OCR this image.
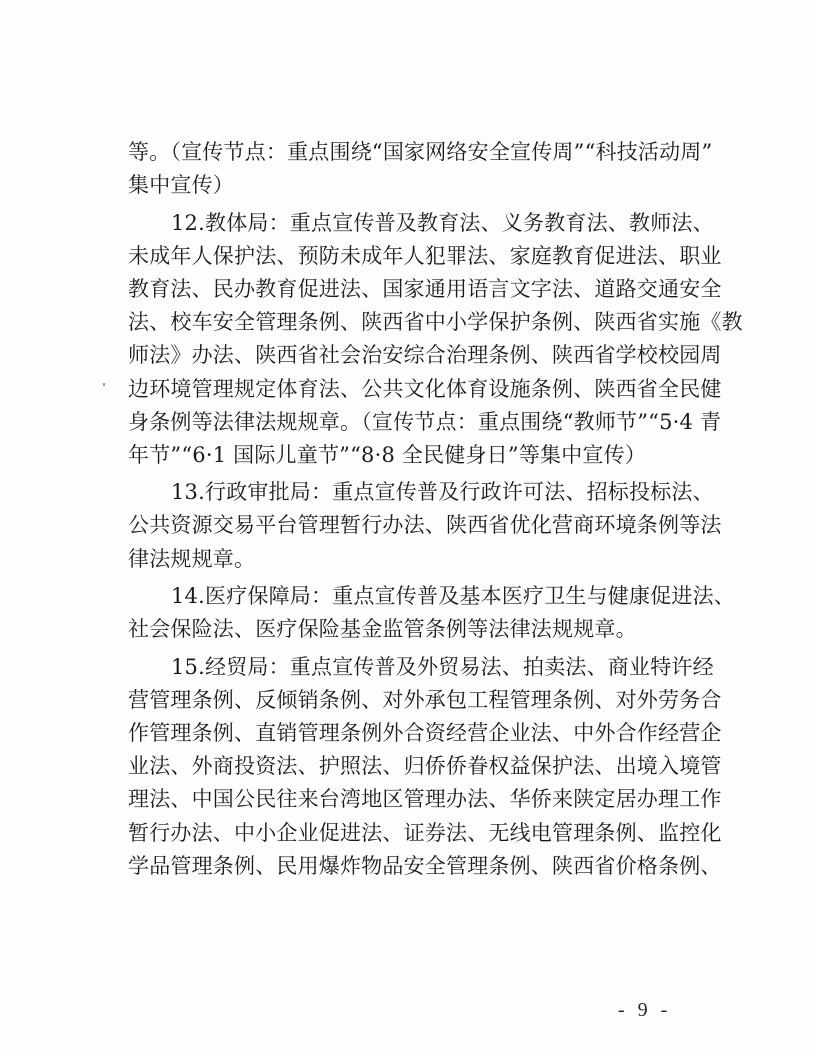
等。（宣传节点：重点围绕“国家网络安全宣传周”“科技活动周”
集中宣传）
12.教体局：重点宣传普及教育法、义务教育法、教师法、
未成年人保护法、预防未成年人犯罪法、家庭教育促进法、职业
教育法、民办教育促进法、国家通用语言文字法、道路交通安全
法、校车安全管理条例、陕西省中小学保护条例、陕西省实施《教
师法》办法、陕西省社会治安综合治理条例、陕西省学校校园周
边环境管理规定体育法、公共文化体育设施条例、陕西省全民健
身条例等法律法规规章。（宣传节点：重点围绕“教师节”“5·4 青
年节”“6·1 国际儿童节”“8·8 全民健身日”等集中宣传）
13.行政审批局：重点宣传普及行政许可法、招标投标法、
公共资源交易平台管理暂行办法、陕西省优化营商环境条例等法
律法规规章。
14.医疗保障局：重点宣传普及基本医疗卫生与健康促进法、
社会保险法、医疗保险基金监管条例等法律法规规章。
15.经贸局：重点宣传普及外贸易法、拍卖法、商业特许经
营管理条例、反倾销条例、对外承包工程管理条例、对外劳务合
作管理条例、直销管理条例外合资经营企业法、中外合作经营企
业法、外商投资法、护照法、归侨侨眷权益保护法、出境入境管
理法、中国公民往来台湾地区管理办法、华侨来陕定居办理工作
暂行办法、中小企业促进法、证券法、无线电管理条例、监控化
学品管理条例、民用爆炸物品安全管理条例、陕西省价格条例、
- 9 -
